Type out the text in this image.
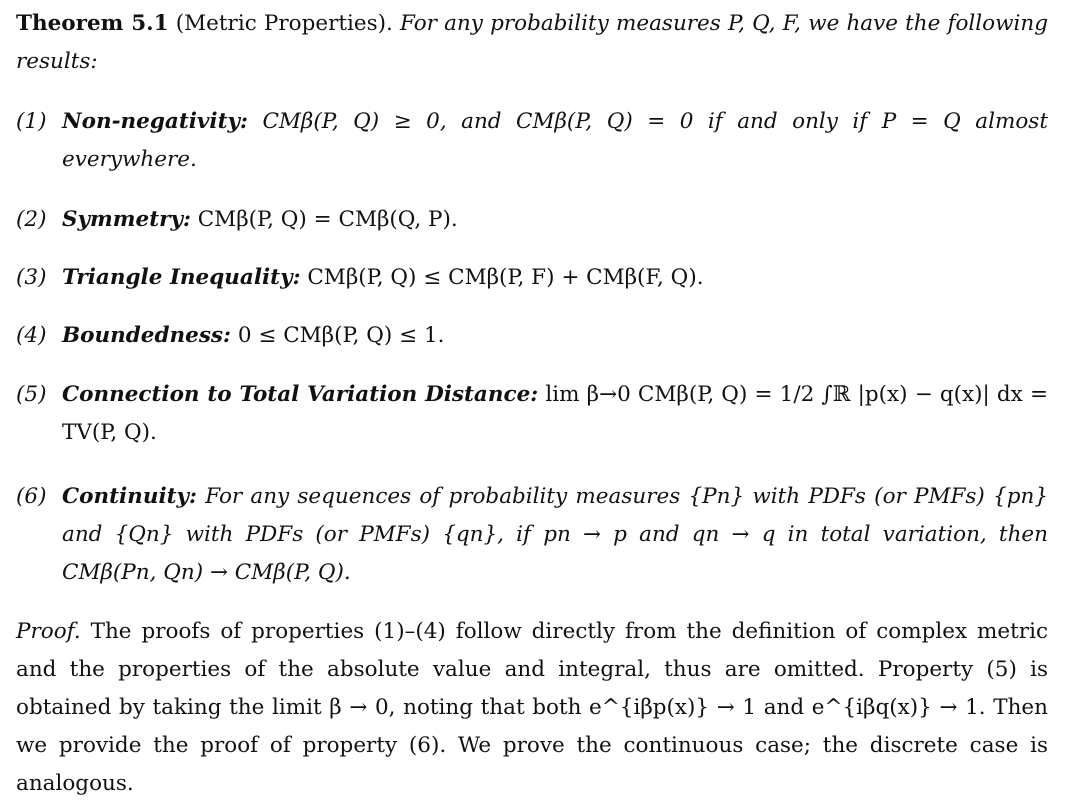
Theorem 5.1 (Metric Properties). For any probability measures P, Q, F, we have the following results:
(1) Non-negativity: CMβ(P, Q) ≥ 0, and CMβ(P, Q) = 0 if and only if P = Q almost everywhere.
(2) Symmetry: CMβ(P, Q) = CMβ(Q, P).
(3) Triangle Inequality: CMβ(P, Q) ≤ CMβ(P, F) + CMβ(F, Q).
(4) Boundedness: 0 ≤ CMβ(P, Q) ≤ 1.
(5) Connection to Total Variation Distance: lim β→0 CMβ(P, Q) = 1/2 ∫ℝ |p(x) − q(x)| dx = TV(P, Q).
(6) Continuity: For any sequences of probability measures {Pn} with PDFs (or PMFs) {pn} and {Qn} with PDFs (or PMFs) {qn}, if pn → p and qn → q in total variation, then CMβ(Pn, Qn) → CMβ(P, Q).
Proof. The proofs of properties (1)–(4) follow directly from the definition of complex metric and the properties of the absolute value and integral, thus are omitted. Property (5) is obtained by taking the limit β → 0, noting that both e^{iβp(x)} → 1 and e^{iβq(x)} → 1. Then we provide the proof of property (6). We prove the continuous case; the discrete case is analogous.
